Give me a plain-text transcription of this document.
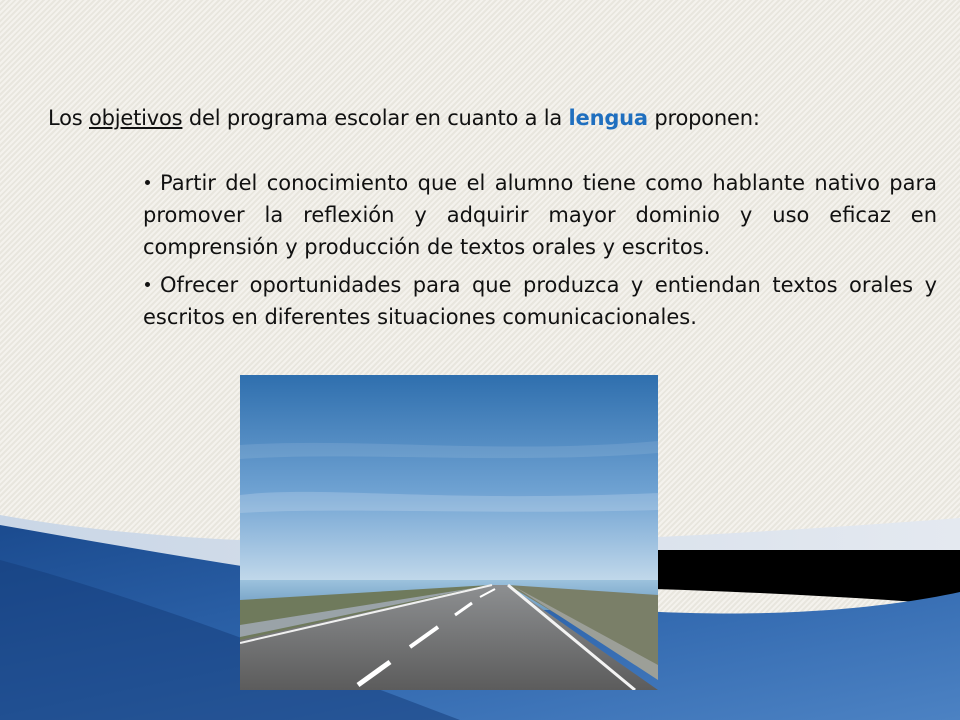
Los objetivos del programa escolar en cuanto a la lengua proponen:
Partir del conocimiento que el alumno tiene como hablante nativo para promover la reflexión y adquirir mayor dominio y uso eficaz en comprensión y producción de textos orales y escritos.
Ofrecer oportunidades para que produzca y entiendan textos orales y escritos en diferentes situaciones comunicacionales.
